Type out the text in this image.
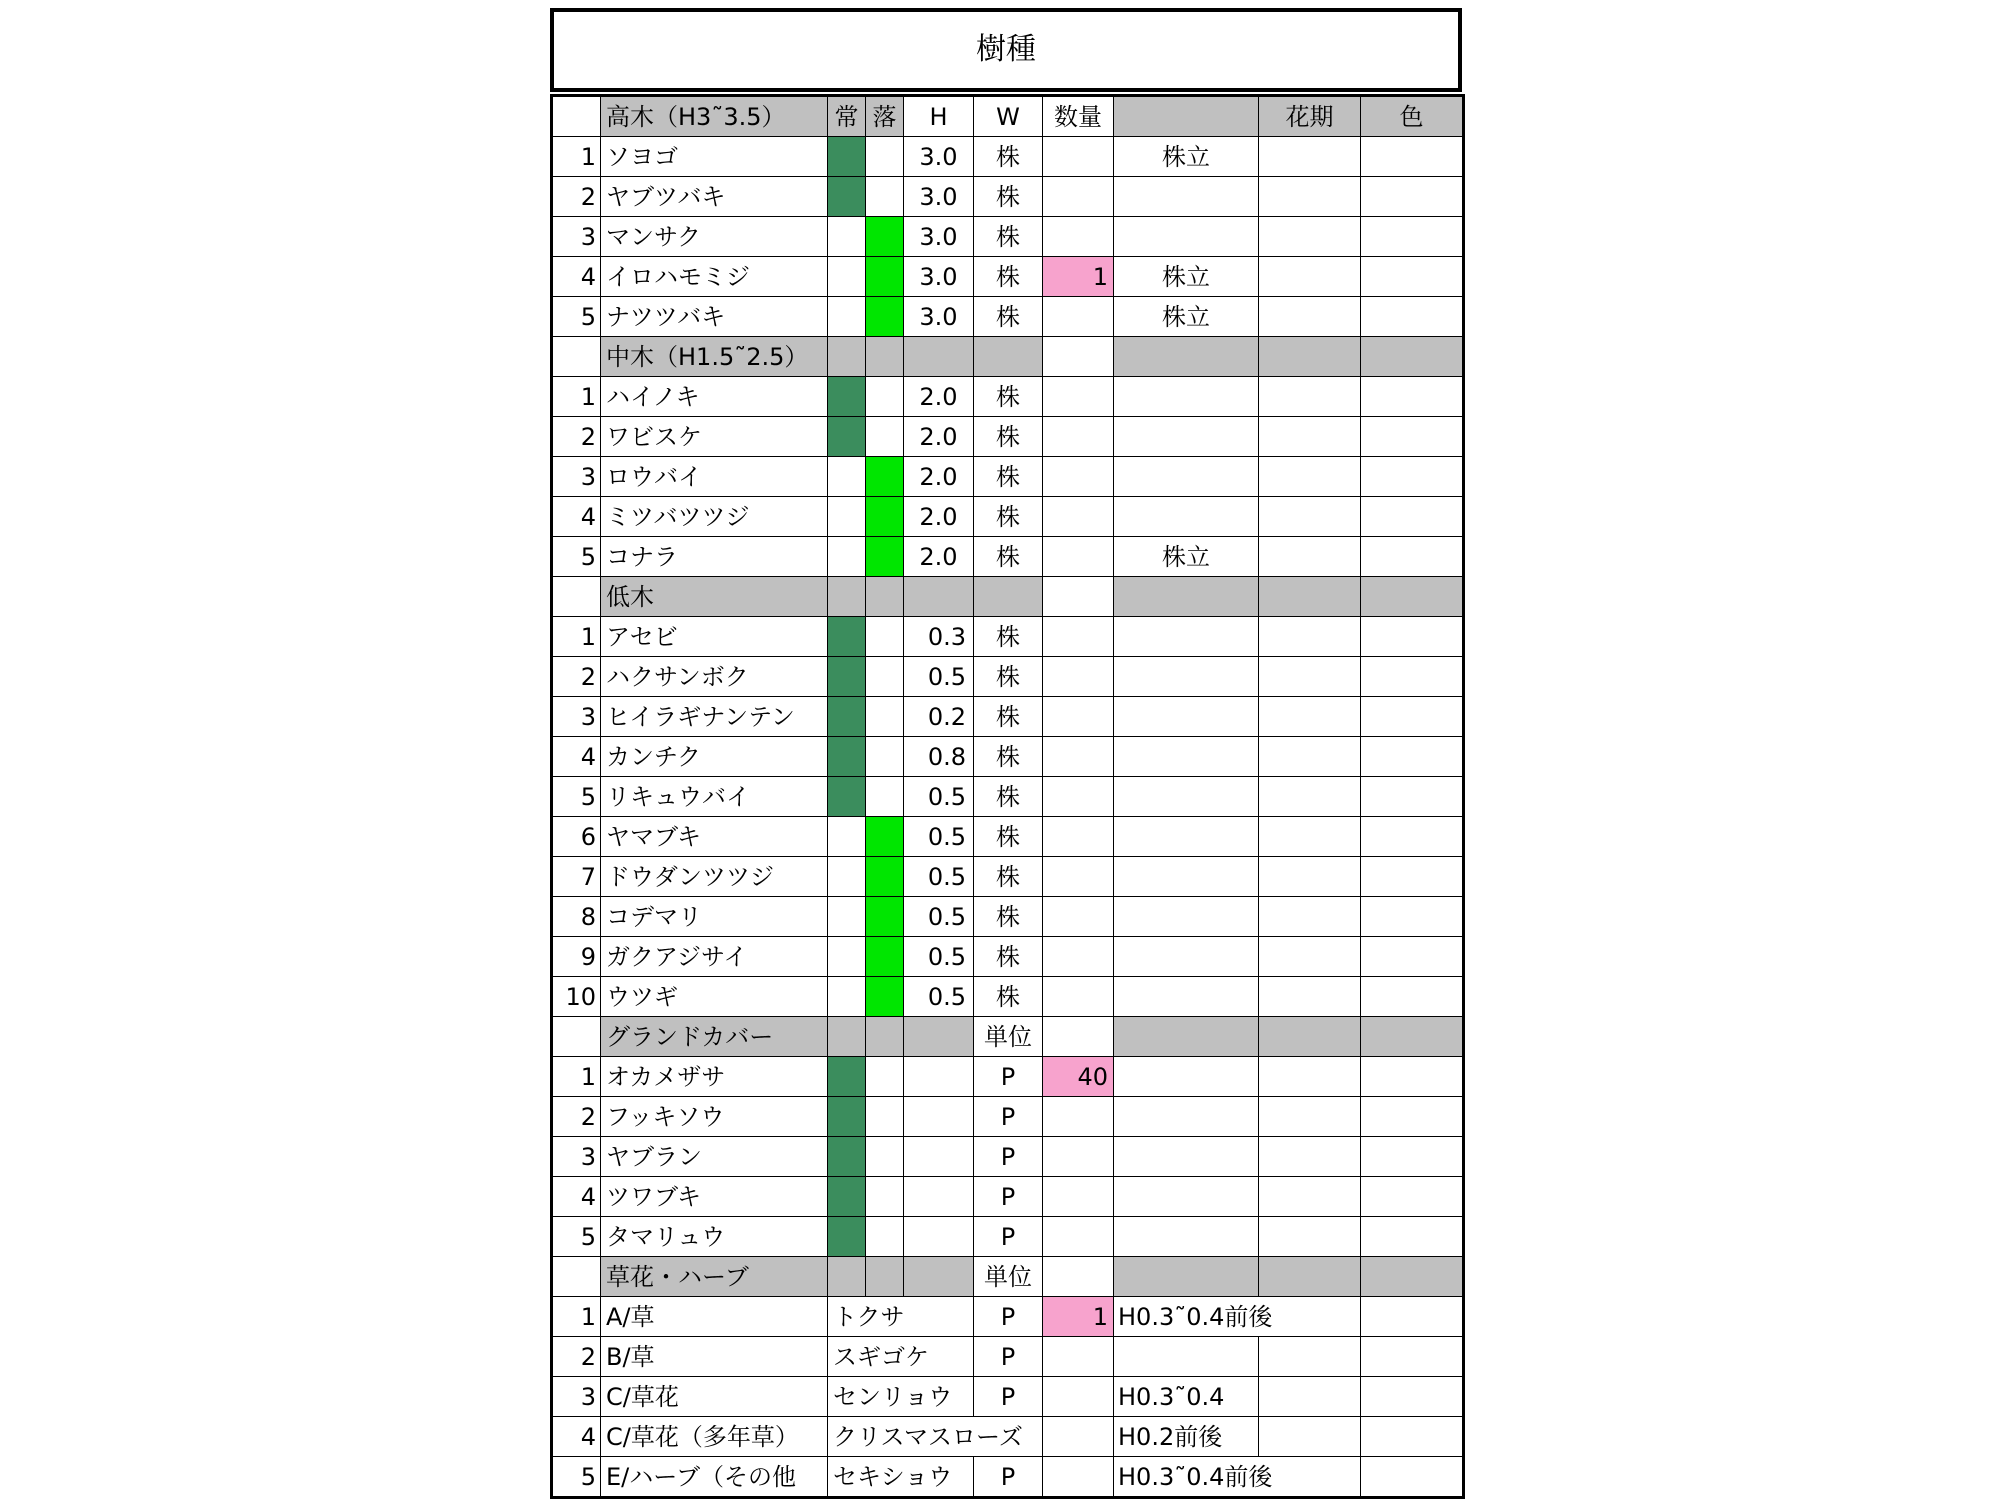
樹種
	高木（H3˜3.5）	常	落	H	W	数量		花期	色
1	ソヨゴ			3.0	株		株立		
2	ヤブツバキ			3.0	株				
3	マンサク			3.0	株				
4	イロハモミジ			3.0	株	1	株立		
5	ナツツバキ			3.0	株		株立		
	中木（H1.5˜2.5）								
1	ハイノキ			2.0	株				
2	ワビスケ			2.0	株				
3	ロウバイ			2.0	株				
4	ミツバツツジ			2.0	株				
5	コナラ			2.0	株		株立		
	低木								
1	アセビ			0.3	株				
2	ハクサンボク			0.5	株				
3	ヒイラギナンテン			0.2	株				
4	カンチク			0.8	株				
5	リキュウバイ			0.5	株				
6	ヤマブキ			0.5	株				
7	ドウダンツツジ			0.5	株				
8	コデマリ			0.5	株				
9	ガクアジサイ			0.5	株				
10	ウツギ			0.5	株				
	グランドカバー				単位				
1	オカメザサ				P	40			
2	フッキソウ				P				
3	ヤブラン				P				
4	ツワブキ				P				
5	タマリュウ				P				
	草花・ハーブ				単位				
1	A/草	トクサ			P	1	H0.3˜0.4前後		
2	B/草	スギゴケ			P				
3	C/草花	センリョウ			P		H0.3˜0.4		
4	C/草花（多年草）	クリスマスローズ					H0.2前後		
5	E/ハーブ（その他	セキショウ			P		H0.3˜0.4前後		
